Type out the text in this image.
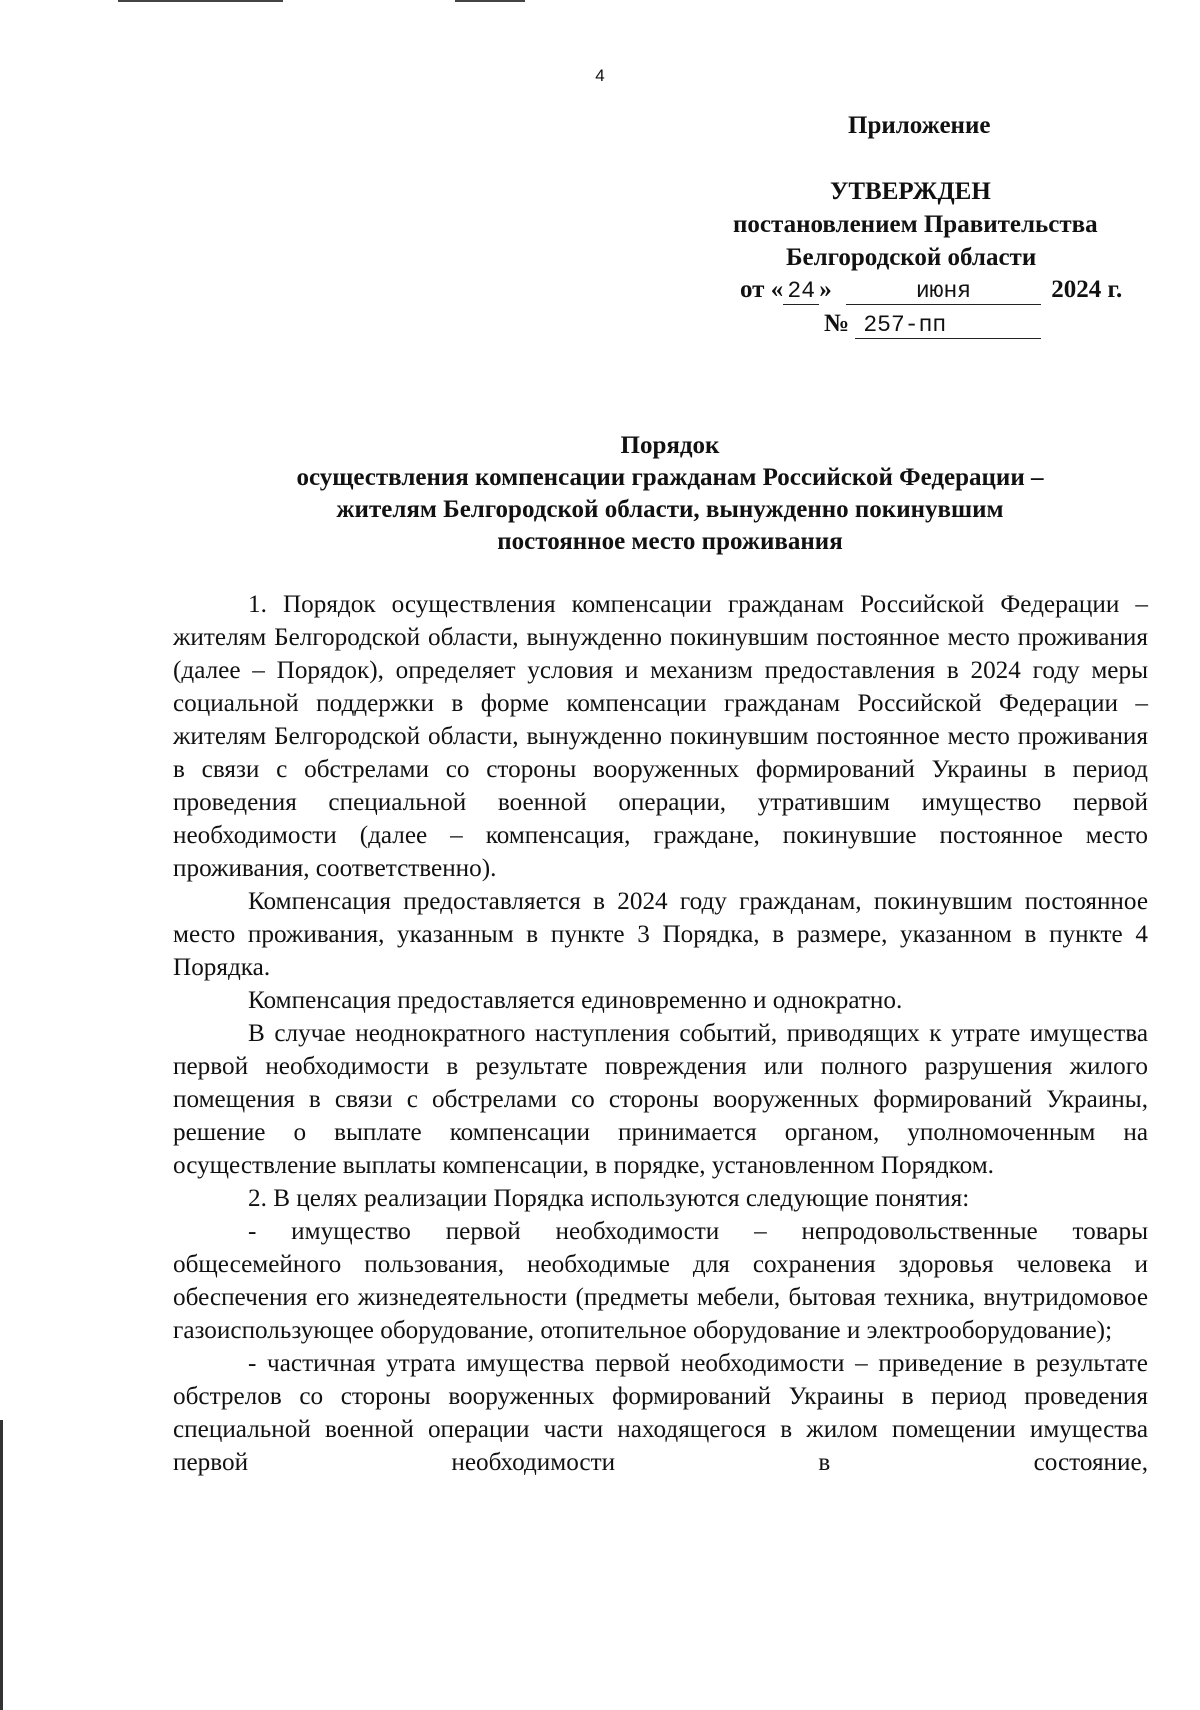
4
Приложение
УТВЕРЖДЕН
постановлением Правительства
Белгородской области
от « 24 »	июня	2024 г.
№ 257-пп
Порядок
осуществления компенсации гражданам Российской Федерации –
жителям Белгородской области, вынужденно покинувшим
постоянное место проживания

1. Порядок осуществления компенсации гражданам Российской Федерации – жителям Белгородской области, вынужденно покинувшим постоянное место проживания (далее – Порядок), определяет условия и механизм предоставления в 2024 году меры социальной поддержки в форме компенсации гражданам Российской Федерации – жителям Белгородской области, вынужденно покинувшим постоянное место проживания в связи с обстрелами со стороны вооруженных формирований Украины в период проведения специальной военной операции, утратившим имущество первой необходимости (далее – компенсация, граждане, покинувшие постоянное место проживания, соответственно).

Компенсация предоставляется в 2024 году гражданам, покинувшим постоянное место проживания, указанным в пункте 3 Порядка, в размере, указанном в пункте 4 Порядка.

Компенсация предоставляется единовременно и однократно.

В случае неоднократного наступления событий, приводящих к утрате имущества первой необходимости в результате повреждения или полного разрушения жилого помещения в связи с обстрелами со стороны вооруженных формирований Украины, решение о выплате компенсации принимается органом, уполномоченным на осуществление выплаты компенсации, в порядке, установленном Порядком.

2. В целях реализации Порядка используются следующие понятия:

- имущество первой необходимости – непродовольственные товары общесемейного пользования, необходимые для сохранения здоровья человека и обеспечения его жизнедеятельности (предметы мебели, бытовая техника, внутридомовое газоиспользующее оборудование, отопительное оборудование и электрооборудование);

- частичная утрата имущества первой необходимости – приведение в результате обстрелов со стороны вооруженных формирований Украины в период проведения специальной военной операции части находящегося в жилом помещении имущества первой необходимости в состояние,
